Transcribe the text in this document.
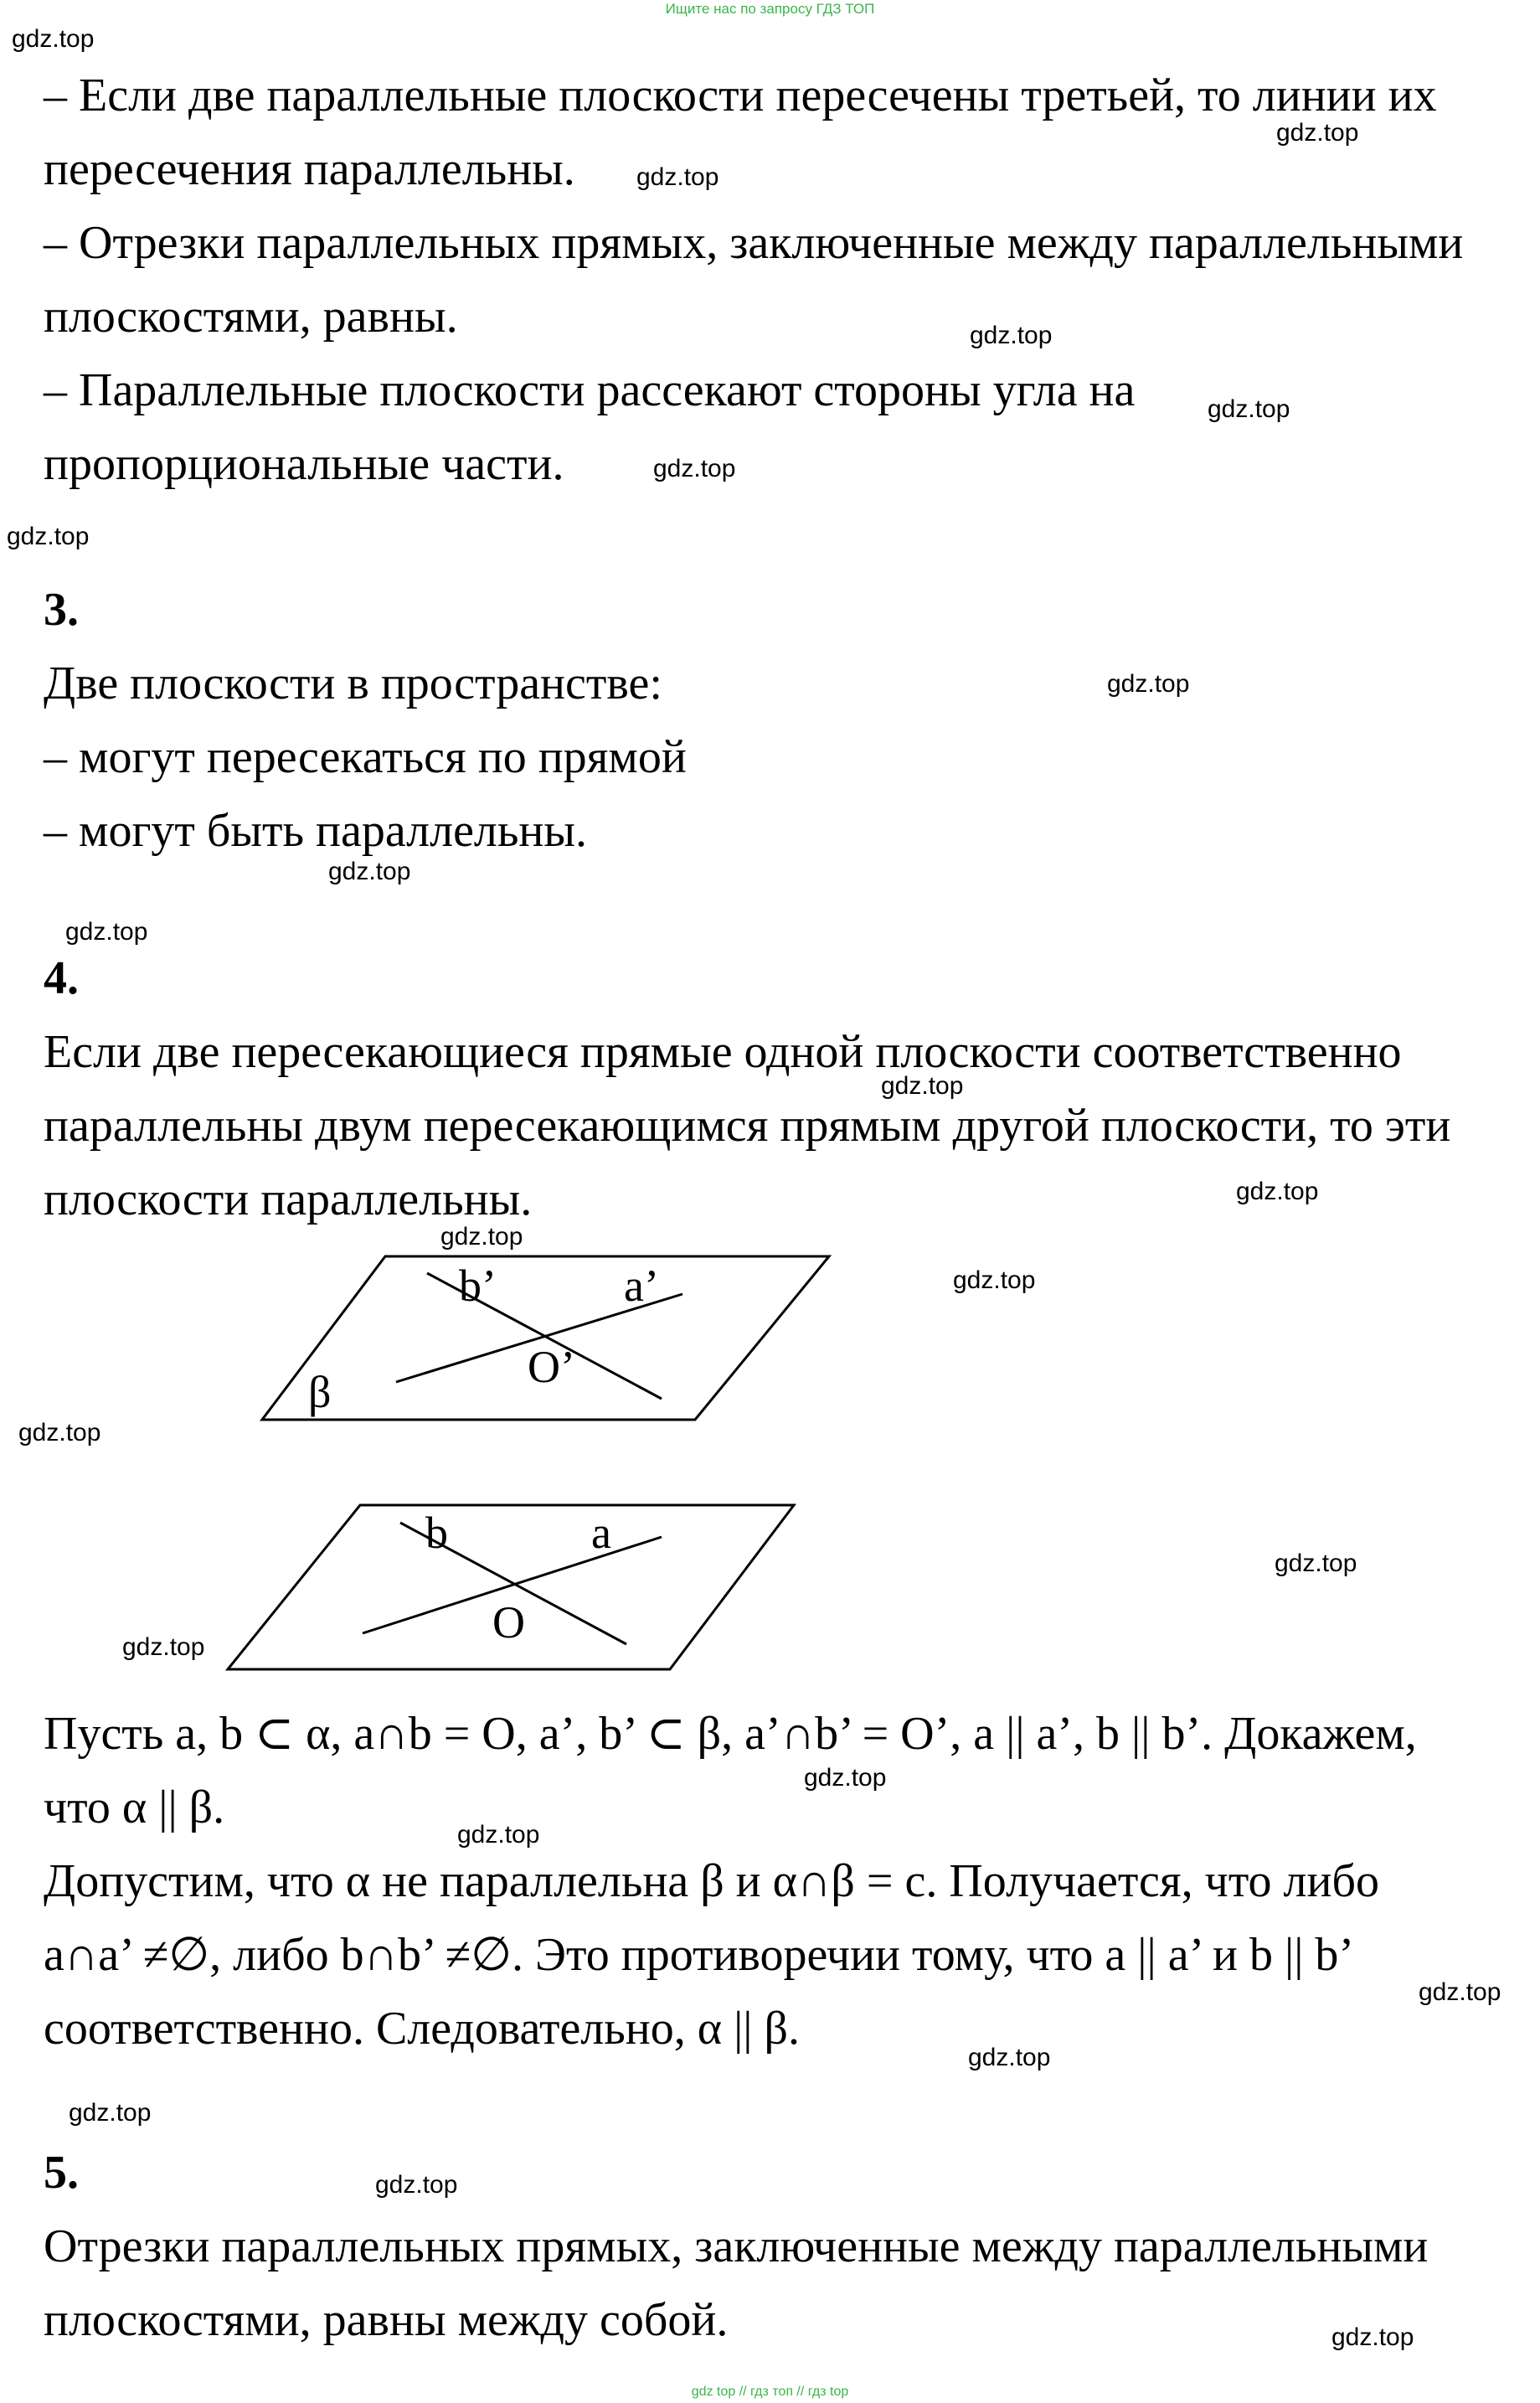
Ищите нас по запросу ГДЗ ТОП
– Если две параллельные плоскости пересечены третьей, то линии их
пересечения параллельны.
– Отрезки параллельных прямых, заключенные между параллельными
плоскостями, равны.
– Параллельные плоскости рассекают стороны угла на
пропорциональные части.
3.
Две плоскости в пространстве:
– могут пересекаться по прямой
– могут быть параллельны.
4.
Если две пересекающиеся прямые одной плоскости соответственно
параллельны двум пересекающимся прямым другой плоскости, то эти
плоскости параллельны.
b’	a’
O’
β
b	a
O
Пусть a, b ⊂ α, a∩b = O, a’, b’ ⊂ β, a’∩b’ = O’, a || a’, b || b’. Докажем,
что α || β.
Допустим, что α не параллельна β и α∩β = c. Получается, что либо
a∩a’ ≠∅, либо b∩b’ ≠∅. Это противоречии тому, что a || a’ и b || b’
соответственно. Следовательно, α || β.
5.
Отрезки параллельных прямых, заключенные между параллельными
плоскостями, равны между собой.
gdz.top
gdz.top
gdz.top
gdz.top
gdz.top
gdz.top
gdz.top
gdz.top
gdz.top
gdz.top
gdz.top
gdz.top
gdz.top
gdz.top
gdz.top
gdz.top
gdz.top
gdz.top
gdz.top
gdz.top
gdz.top
gdz.top
gdz.top
gdz.top
gdz top // гдз топ // гдз top
